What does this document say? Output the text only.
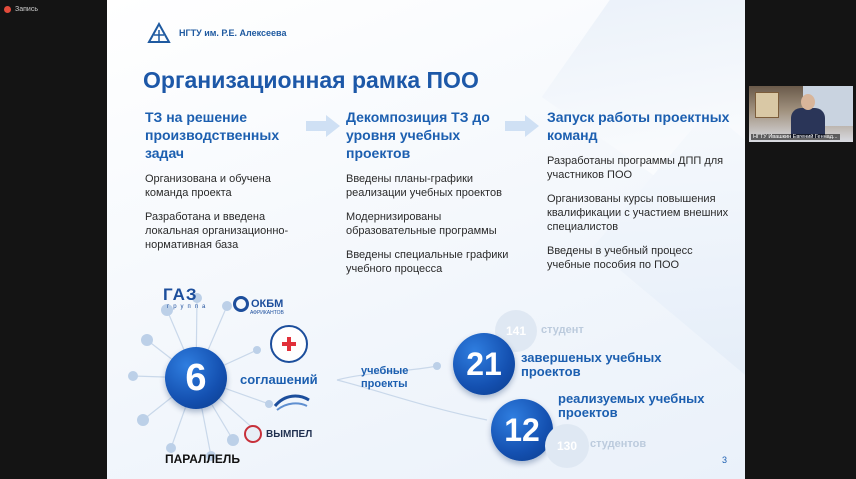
Запись
НГТУ им. Р.Е. Алексеева
Организационная рамка ПОО
ТЗ на решение производственных задач
Организована и обучена команда проекта
Разработана и введена локальная организационно-нормативная база
Декомпозиция ТЗ до уровня учебных проектов
Введены планы-графики реализации учебных проектов
Модернизированы образовательные программы
Введены специальные графики учебного процесса
Запуск работы проектных команд
Разработаны программы ДПП для участников ПОО
Организованы курсы повышения квалификации с участием внешних специалистов
Введены в учебный процесс учебные пособия по ПОО
ГАЗ
группа	ОКБМ
АФРИКАНТОВ
ВЫМПЕЛ
ПАРАЛЛЕЛЬ
6	соглашений
учебные проекты
141	студент
21	завершеных учебных проектов
реализуемых учебных проектов
12	130	студентов
3
НГТУ Ивашкин Евгений Геннад...
